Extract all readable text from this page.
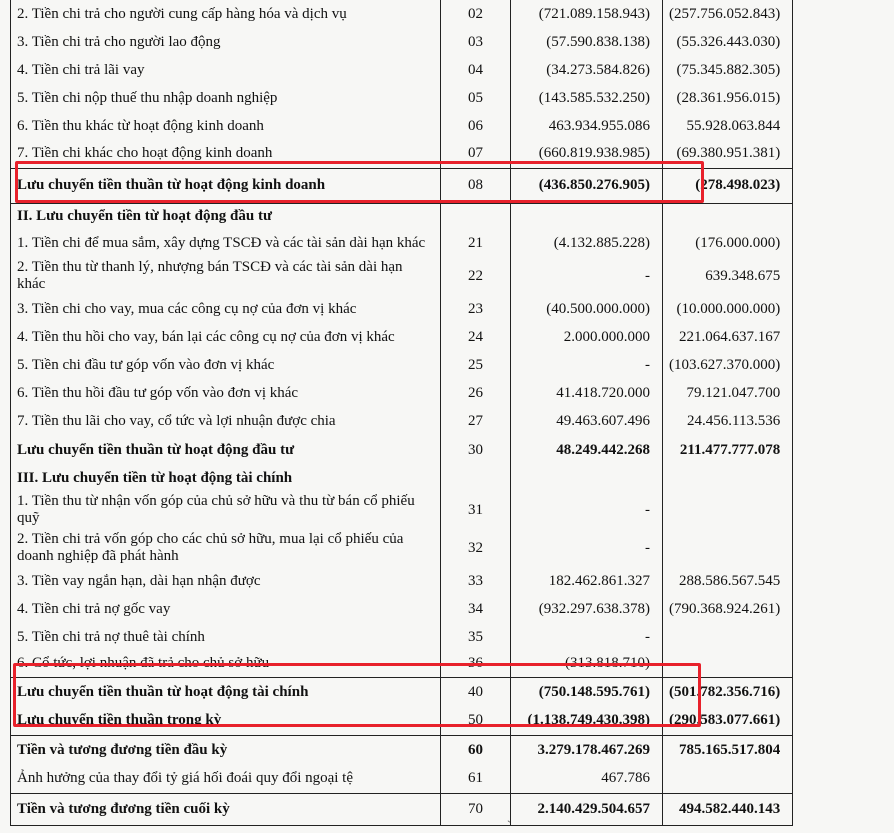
2. Tiền chi trả cho người cung cấp hàng hóa và dịch vụ	02	(721.089.158.943)	(257.756.052.843)
3. Tiền chi trả cho người lao động	03	(57.590.838.138)	(55.326.443.030)
4. Tiền chi trả lãi vay	04	(34.273.584.826)	(75.345.882.305)
5. Tiền chi nộp thuế thu nhập doanh nghiệp	05	(143.585.532.250)	(28.361.956.015)
6. Tiền thu khác từ hoạt động kinh doanh	06	463.934.955.086	55.928.063.844
7. Tiền chi khác cho hoạt động kinh doanh	07	(660.819.938.985)	(69.380.951.381)
Lưu chuyển tiền thuần từ hoạt động kinh doanh	08	(436.850.276.905)	(278.498.023)
II. Lưu chuyển tiền từ hoạt động đầu tư			
1. Tiền chi để mua sắm, xây dựng TSCĐ và các tài sản dài hạn khác	21	(4.132.885.228)	(176.000.000)
2. Tiền thu từ thanh lý, nhượng bán TSCĐ và các tài sản dài hạn khác	22	-	639.348.675
3. Tiền chi cho vay, mua các công cụ nợ của đơn vị khác	23	(40.500.000.000)	(10.000.000.000)
4. Tiền thu hồi cho vay, bán lại các công cụ nợ của đơn vị khác	24	2.000.000.000	221.064.637.167
5. Tiền chi đầu tư góp vốn vào đơn vị khác	25	-	(103.627.370.000)
6. Tiền thu hồi đầu tư góp vốn vào đơn vị khác	26	41.418.720.000	79.121.047.700
7. Tiền thu lãi cho vay, cổ tức và lợi nhuận được chia	27	49.463.607.496	24.456.113.536
Lưu chuyển tiền thuần từ hoạt động đầu tư	30	48.249.442.268	211.477.777.078
III. Lưu chuyển tiền từ hoạt động tài chính			
1. Tiền thu từ nhận vốn góp của chủ sở hữu và thu từ bán cổ phiếu quỹ	31	-	
2. Tiền chi trả vốn góp cho các chủ sở hữu, mua lại cổ phiếu của doanh nghiệp đã phát hành	32	-	
3. Tiền vay ngắn hạn, dài hạn nhận được	33	182.462.861.327	288.586.567.545
4. Tiền chi trả nợ gốc vay	34	(932.297.638.378)	(790.368.924.261)
5. Tiền chi trả nợ thuê tài chính	35	-	
6. Cổ tức, lợi nhuận đã trả cho chủ sở hữu	36	(313.818.710)	
Lưu chuyển tiền thuần từ hoạt động tài chính	40	(750.148.595.761)	(501.782.356.716)
Lưu chuyển tiền thuần trong kỳ	50	(1.138.749.430.398)	(290.583.077.661)
Tiền và tương đương tiền đầu kỳ	60	3.279.178.467.269	785.165.517.804
Ảnh hưởng của thay đổi tỷ giá hối đoái quy đổi ngoại tệ	61	467.786	
Tiền và tương đương tiền cuối kỳ	70	2.140.429.504.657	494.582.440.143
`
